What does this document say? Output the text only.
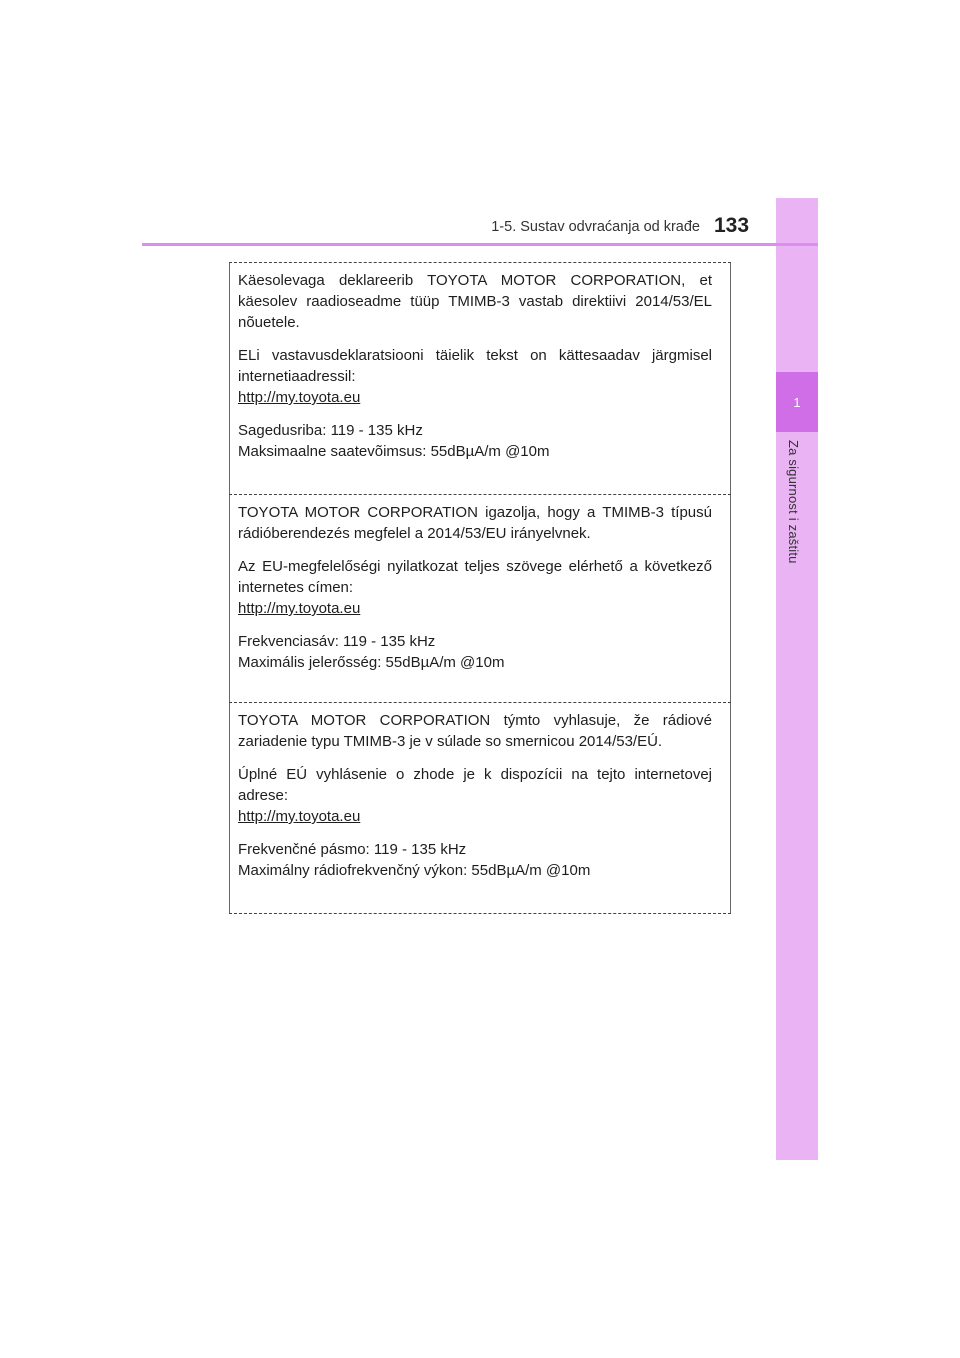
1
Za sigurnost i zaštitu
1-5. Sustav odvraćanja od krađe 133

Käesolevaga deklareerib TOYOTA MOTOR CORPORATION, et käesolev raadioseadme tüüp TMIMB-3 vastab direktiivi 2014/53/EL nõuetele.

ELi vastavusdeklaratsiooni täielik tekst on kättesaadav järgmisel internetiaadressil:

http://my.toyota.eu

Sagedusriba: 119 - 135 kHz

Maksimaalne saatevõimsus: 55dBµA/m @10m

TOYOTA MOTOR CORPORATION igazolja, hogy a TMIMB-3 típusú rádióberendezés megfelel a 2014/53/EU irányelvnek.

Az EU-megfelelőségi nyilatkozat teljes szövege elérhető a következő internetes címen:

http://my.toyota.eu

Frekvenciasáv: 119 - 135 kHz

Maximális jelerősség: 55dBµA/m @10m

TOYOTA MOTOR CORPORATION týmto vyhlasuje, že rádiové zariadenie typu TMIMB-3 je v súlade so smernicou 2014/53/EÚ.

Úplné EÚ vyhlásenie o zhode je k dispozícii na tejto internetovej adrese:

http://my.toyota.eu

Frekvenčné pásmo: 119 - 135 kHz

Maximálny rádiofrekvenčný výkon: 55dBµA/m @10m
